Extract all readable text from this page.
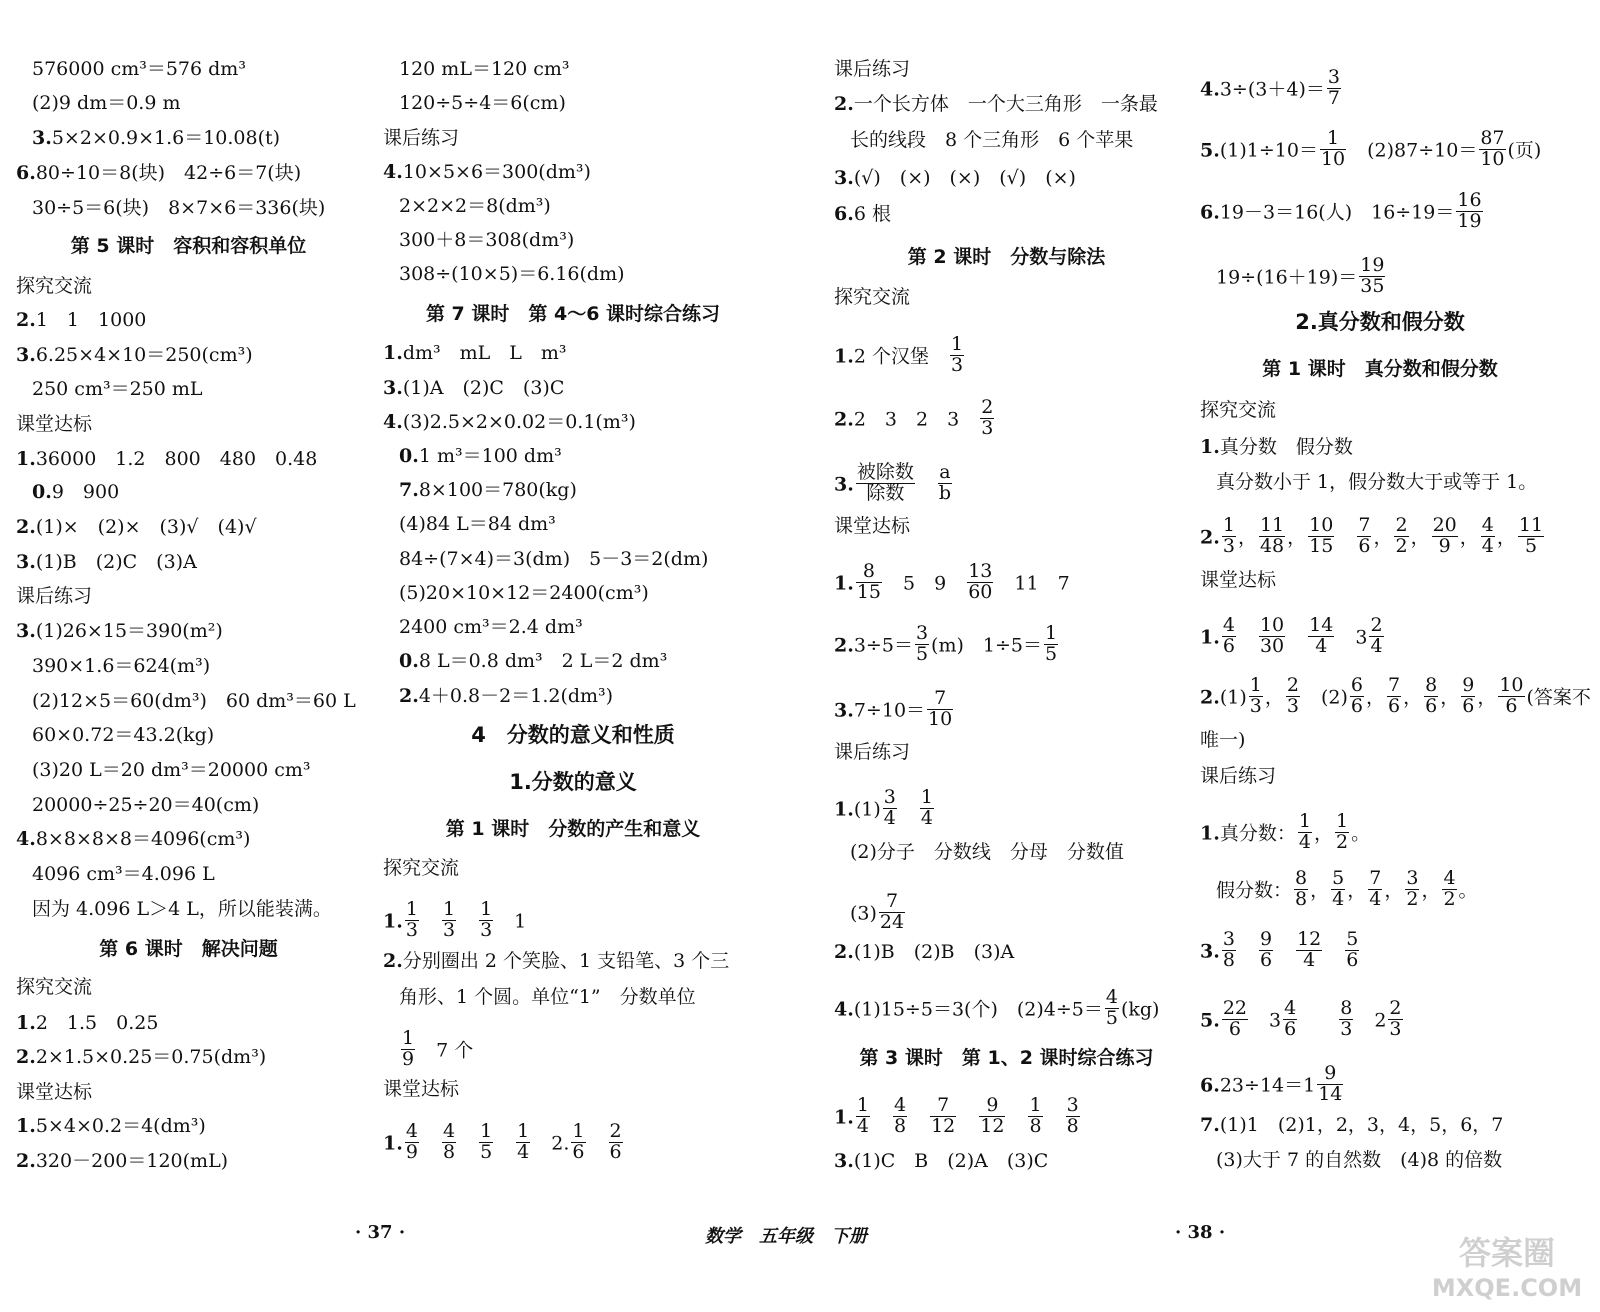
576000 cm³＝576 dm³
(2)9 dm＝0.9 m
3.5×2×0.9×1.6＝10.08(t)
6.80÷10＝8(块)　42÷6＝7(块)
30÷5＝6(块)　8×7×6＝336(块)
第 5 课时　容积和容积单位
探究交流
2.1　1　1000
3.6.25×4×10＝250(cm³)
250 cm³＝250 mL
课堂达标
1.36000　1.2　800　480　0.48
0.9　900
2.(1)×　(2)×　(3)√　(4)√
3.(1)B　(2)C　(3)A
课后练习
3.(1)26×15＝390(m²)
390×1.6＝624(m³)
(2)12×5＝60(dm³)　60 dm³＝60 L
60×0.72＝43.2(kg)
(3)20 L＝20 dm³＝20000 cm³
20000÷25÷20＝40(cm)
4.8×8×8×8＝4096(cm³)
4096 cm³＝4.096 L
因为 4.096 L＞4 L，所以能装满。
第 6 课时　解决问题
探究交流
1.2　1.5　0.25
2.2×1.5×0.25＝0.75(dm³)
课堂达标
1.5×4×0.2＝4(dm³)
2.320－200＝120(mL)
120 mL＝120 cm³
120÷5÷4＝6(cm)
课后练习
4.10×5×6＝300(dm³)
2×2×2＝8(dm³)
300＋8＝308(dm³)
308÷(10×5)＝6.16(dm)
第 7 课时　第 4～6 课时综合练习
1.dm³　mL　L　m³
3.(1)A　(2)C　(3)C
4.(3)2.5×2×0.02＝0.1(m³)
0.1 m³＝100 dm³
7.8×100＝780(kg)
(4)84 L＝84 dm³
84÷(7×4)＝3(dm)　5－3＝2(dm)
(5)20×10×12＝2400(cm³)
2400 cm³＝2.4 dm³
0.8 L＝0.8 dm³　2 L＝2 dm³
2.4＋0.8－2＝1.2(dm³)
4　分数的意义和性质
1.分数的意义
第 1 课时　分数的产生和意义
探究交流
1. $\frac{1}{3}$
　 $\frac{1}{3}$
　 $\frac{1}{3}$ 　1
2.分别圈出 2 个笑脸、1 支铅笔、3 个三
角形、1 个圆。单位“1”　分数单位
$\frac{1}{9}$ 　7 个
课堂达标
1. $\frac{4}{9}$
　 $\frac{4}{8}$
　 $\frac{1}{5}$
　 $\frac{1}{4}$ 　2. $\frac{1}{6}$
　 $\frac{2}{6}$
课后练习
2.一个长方体　一个大三角形　一条最
长的线段　8 个三角形　6 个苹果
3.(√)　(×)　(×)　(√)　(×)
6.6 根
第 2 课时　分数与除法
探究交流
1.2 个汉堡　 $\frac{1}{3}$
2.2　3　2　3　 $\frac{2}{3}$
3. $\frac{\text{被除数}}{\text{除数}}$
　 $\frac{a}{b}$
课堂达标
1. $\frac{8}{15}$ 　5　9　 $\frac{13}{60}$ 　11　7
$2.3\div 5= \frac{3}{5} (m)$　$1\div 5= \frac{1}{5}$
$3.7\div 10= \frac{7}{10}$
课后练习
$1.(1) \frac{3}{4}$
　 $\frac{1}{4}$
(2)分子　分数线　分母　分数值
$(3) \frac{7}{24}$
2.(1)B　(2)B　(3)A
4.(1)15÷5＝3(个)　$(2)4\div 5= \frac{4}{5} (kg)$
第 3 课时　第 1、2 课时综合练习
1. $\frac{1}{4}$
　 $\frac{4}{8}$
　 $\frac{7}{12}$
　 $\frac{9}{12}$
　 $\frac{1}{8}$
　 $\frac{3}{8}$
3.(1)C　B　(2)A　(3)C
$4.3\div(3+4)= \frac{3}{7}$
$5.(1)1\div 10= \frac{1}{10}$ 　$(2)87\div 10= \frac{87}{10}$ (页)
6.19－3＝16(人)　$16\div 19= \frac{16}{19}$
$19\div(16+19)= \frac{19}{35}$
2.真分数和假分数
第 1 课时　真分数和假分数
探究交流
1.真分数　假分数
真分数小于 1，假分数大于或等于 1。
2. $\frac{1}{3}$ ， $\frac{11}{48}$ ， $\frac{10}{15}$
　 $\frac{7}{6}$ ， $\frac{2}{2}$ ， $\frac{20}{9}$ ， $\frac{4}{4}$ ， $\frac{11}{5}$
课堂达标
1. $\frac{4}{6}$
　 $\frac{10}{30}$
　 $\frac{14}{4}$ 　$3 \frac{2}{4}$
$2.(1) \frac{1}{3}$ ， $\frac{2}{3}$ 　$(2) \frac{6}{6}$ ， $\frac{7}{6}$ ， $\frac{8}{6}$ ， $\frac{9}{6}$ ， $\frac{10}{6}$ (答案不
唯一)
课后练习
1.真分数： $\frac{1}{4}$ ， $\frac{1}{2}$ 。
假分数： $\frac{8}{8}$ ， $\frac{5}{4}$ ， $\frac{7}{4}$ ， $\frac{3}{2}$ ， $\frac{4}{2}$ 。
3. $\frac{3}{8}$
　 $\frac{9}{6}$
　 $\frac{12}{4}$
　 $\frac{5}{6}$
5. $\frac{22}{6}$ 　$3 \frac{4}{6}$
　　 $\frac{8}{3}$ 　$2 \frac{2}{3}$
$6.23\div 14=1 \frac{9}{14}$
7.(1)1　(2)1，2，3，4，5，6，7
(3)大于 7 的自然数　(4)8 的倍数
· 37 ·	数学　五年级　下册	· 38 ·
答案圈
MXQE.COM
